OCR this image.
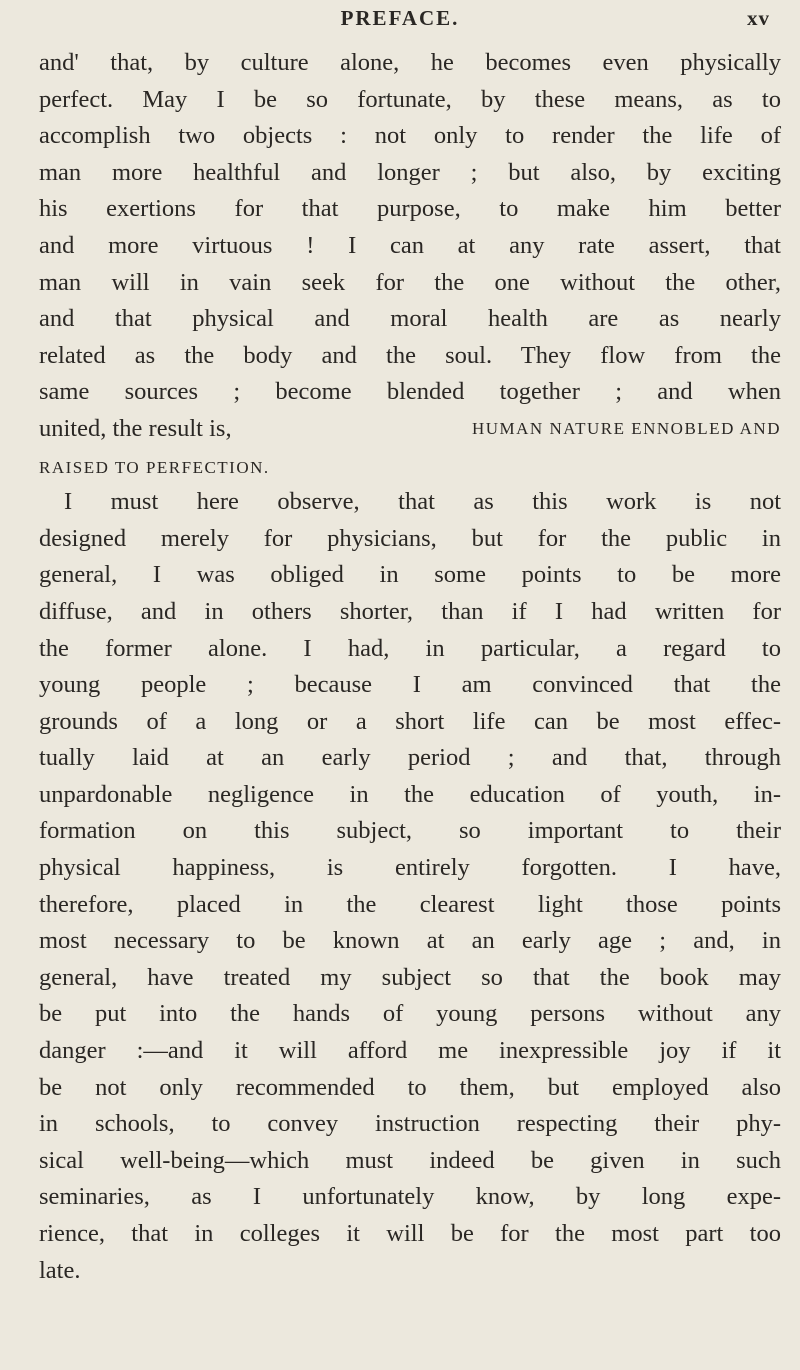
PREFACE.	xv
and' that, by culture alone, he becomes even physically
perfect. May I be so fortunate, by these means, as to
accomplish two objects : not only to render the life of
man more healthful and longer ; but also, by exciting
his exertions for that purpose, to make him better
and more virtuous ! I can at any rate assert, that
man will in vain seek for the one without the other,
and that physical and moral health are as nearly
related as the body and the soul. They flow from the
same sources ; become blended together ; and when
united, the result is,	HUMAN NATURE ENNOBLED AND
RAISED TO PERFECTION.
I must here observe, that as this work is not
designed merely for physicians, but for the public in
general, I was obliged in some points to be more
diffuse, and in others shorter, than if I had written for
the former alone. I had, in particular, a regard to
young people ; because I am convinced that the
grounds of a long or a short life can be most effec-
tually laid at an early period ; and that, through
unpardonable negligence in the education of youth, in-
formation on this subject, so important to their
physical happiness, is entirely forgotten. I have,
therefore, placed in the clearest light those points
most necessary to be known at an early age ; and, in
general, have treated my subject so that the book may
be put into the hands of young persons without any
danger :—and it will afford me inexpressible joy if it
be not only recommended to them, but employed also
in schools, to convey instruction respecting their phy-
sical well-being—which must indeed be given in such
seminaries, as I unfortunately know, by long expe-
rience, that in colleges it will be for the most part too
late.
